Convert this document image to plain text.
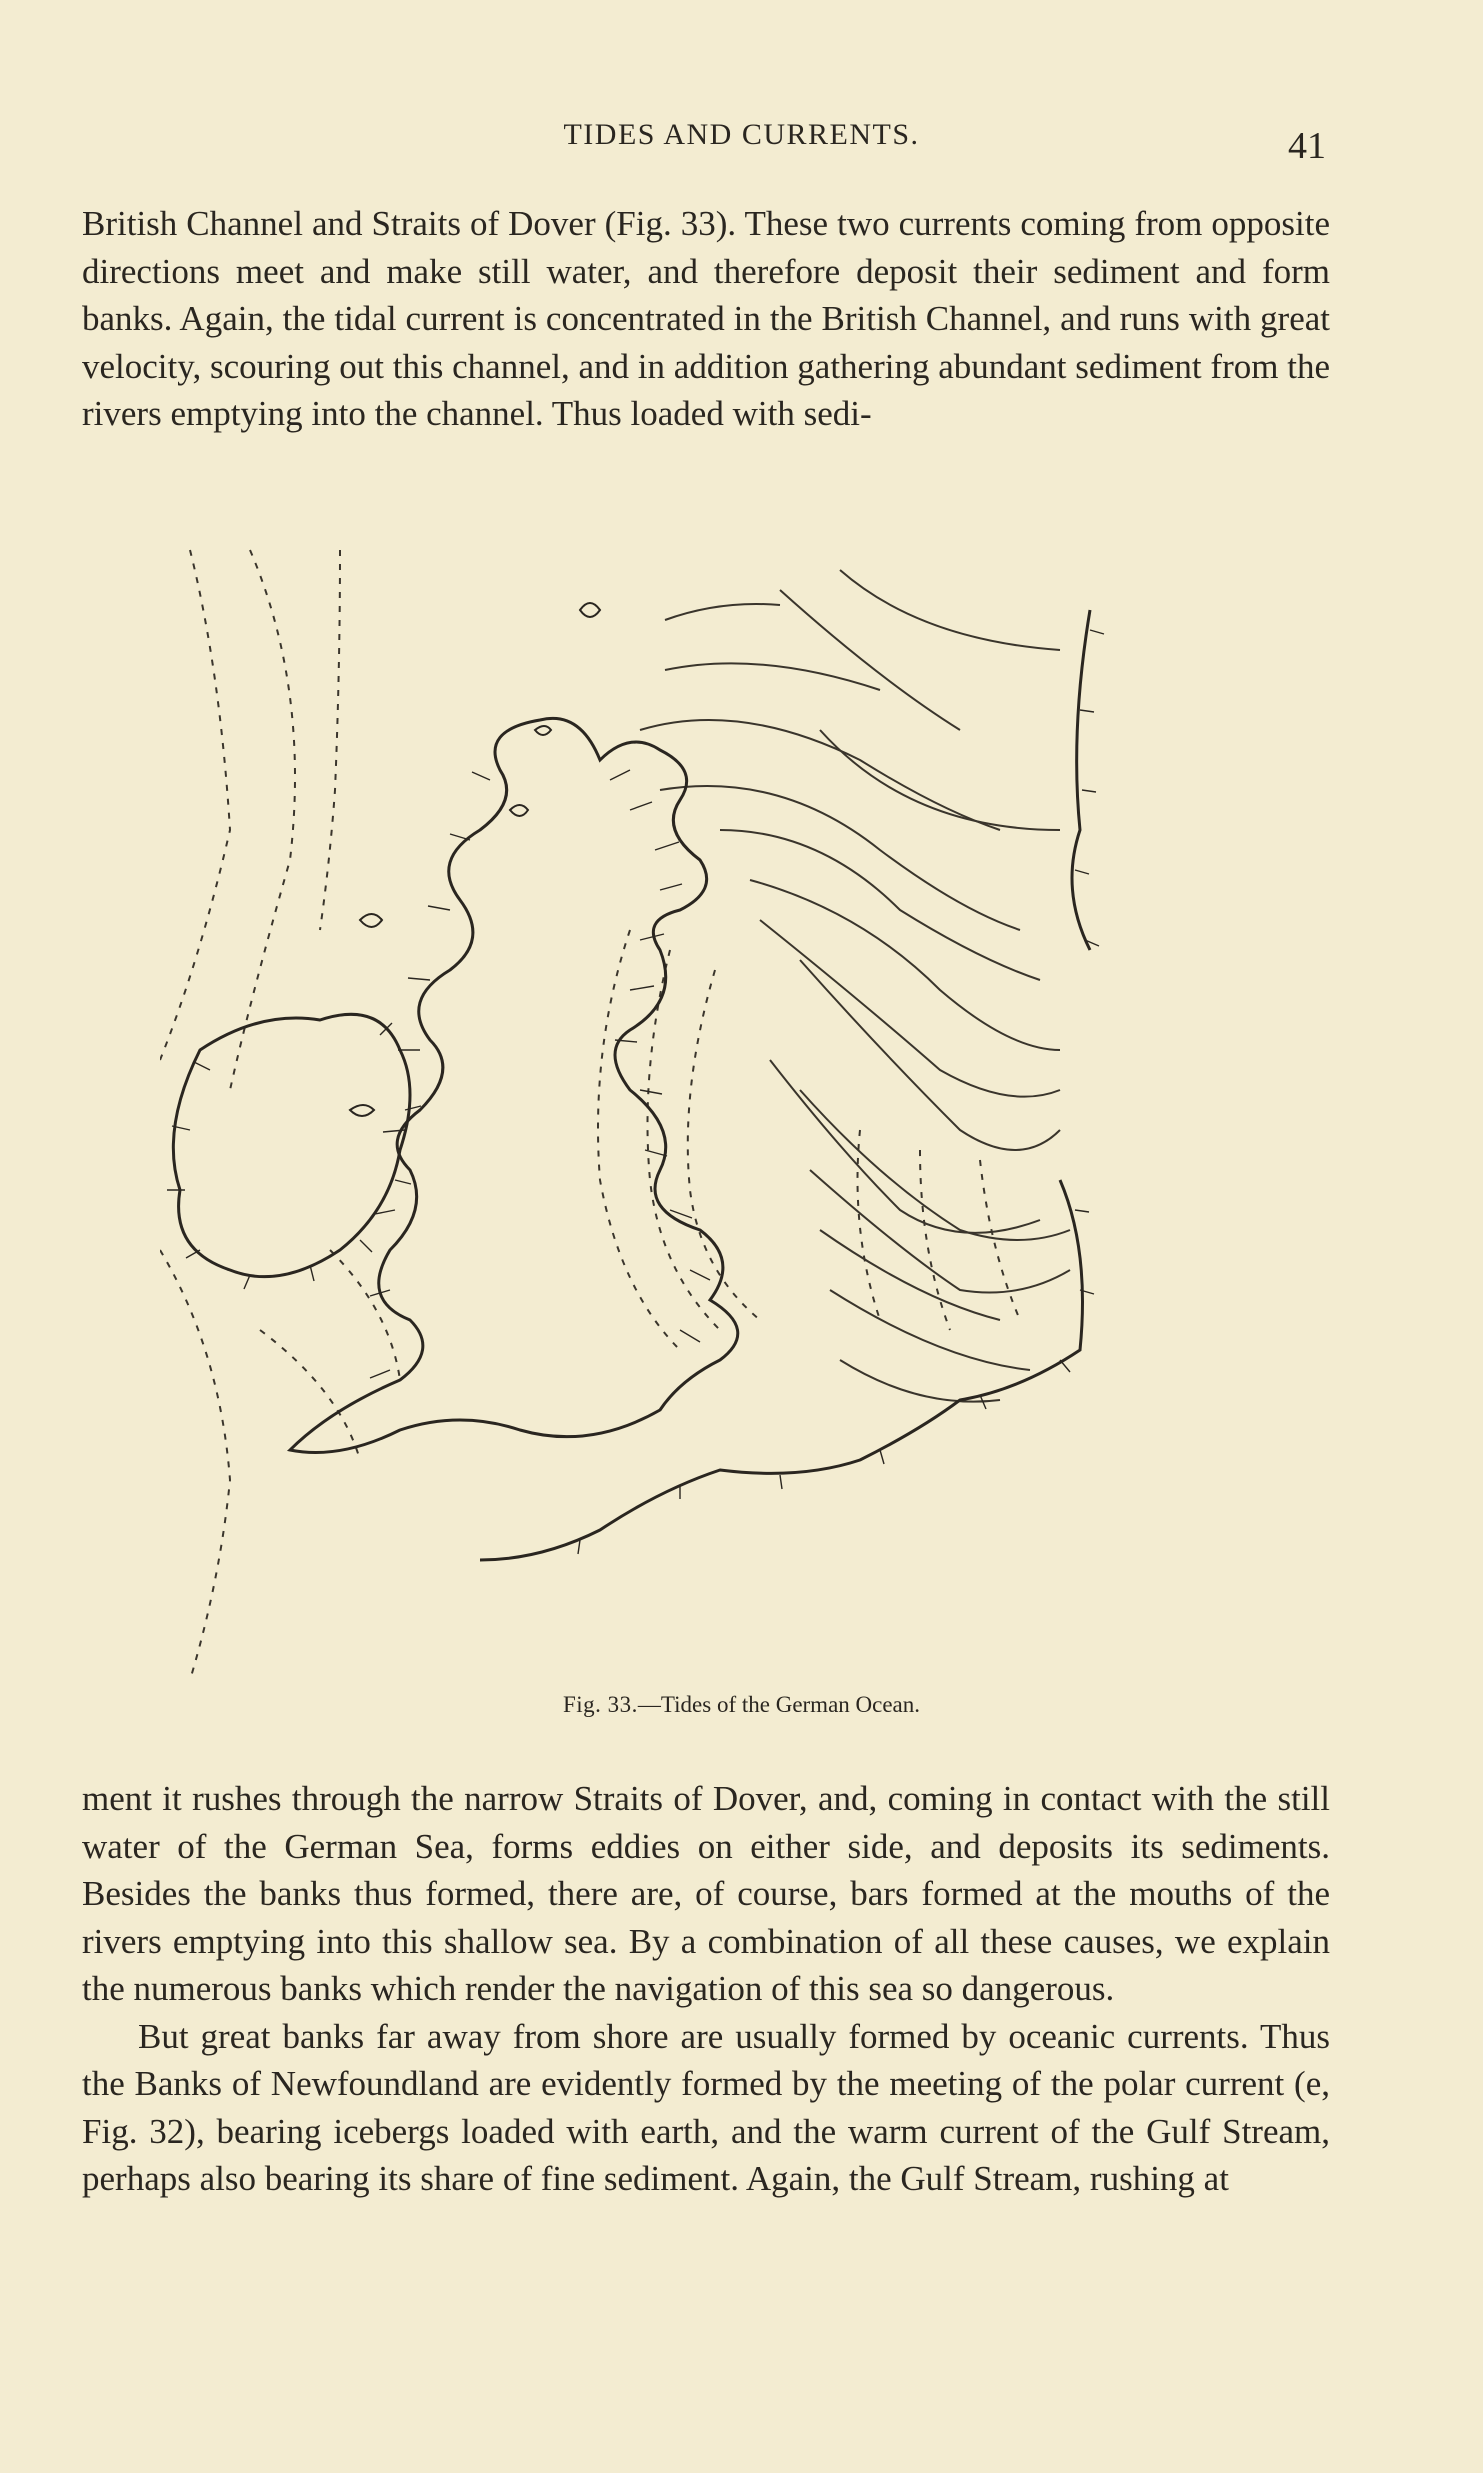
TIDES AND CURRENTS.	41

British Channel and Straits of Dover (Fig. 33). These two currents coming from opposite directions meet and make still water, and therefore deposit their sediment and form banks. Again, the tidal current is concentrated in the British Channel, and runs with great velocity, scouring out this channel, and in addition gathering abundant sediment from the rivers emptying into the channel. Thus loaded with sedi-

Fig. 33.—Tides of the German Ocean.

ment it rushes through the narrow Straits of Dover, and, coming in contact with the still water of the German Sea, forms eddies on either side, and deposits its sediments. Besides the banks thus formed, there are, of course, bars formed at the mouths of the rivers emptying into this shallow sea. By a combination of all these causes, we explain the numerous banks which render the navigation of this sea so dangerous.

But great banks far away from shore are usually formed by oceanic currents. Thus the Banks of Newfoundland are evidently formed by the meeting of the polar current (e, Fig. 32), bearing icebergs loaded with earth, and the warm current of the Gulf Stream, perhaps also bearing its share of fine sediment. Again, the Gulf Stream, rushing at
